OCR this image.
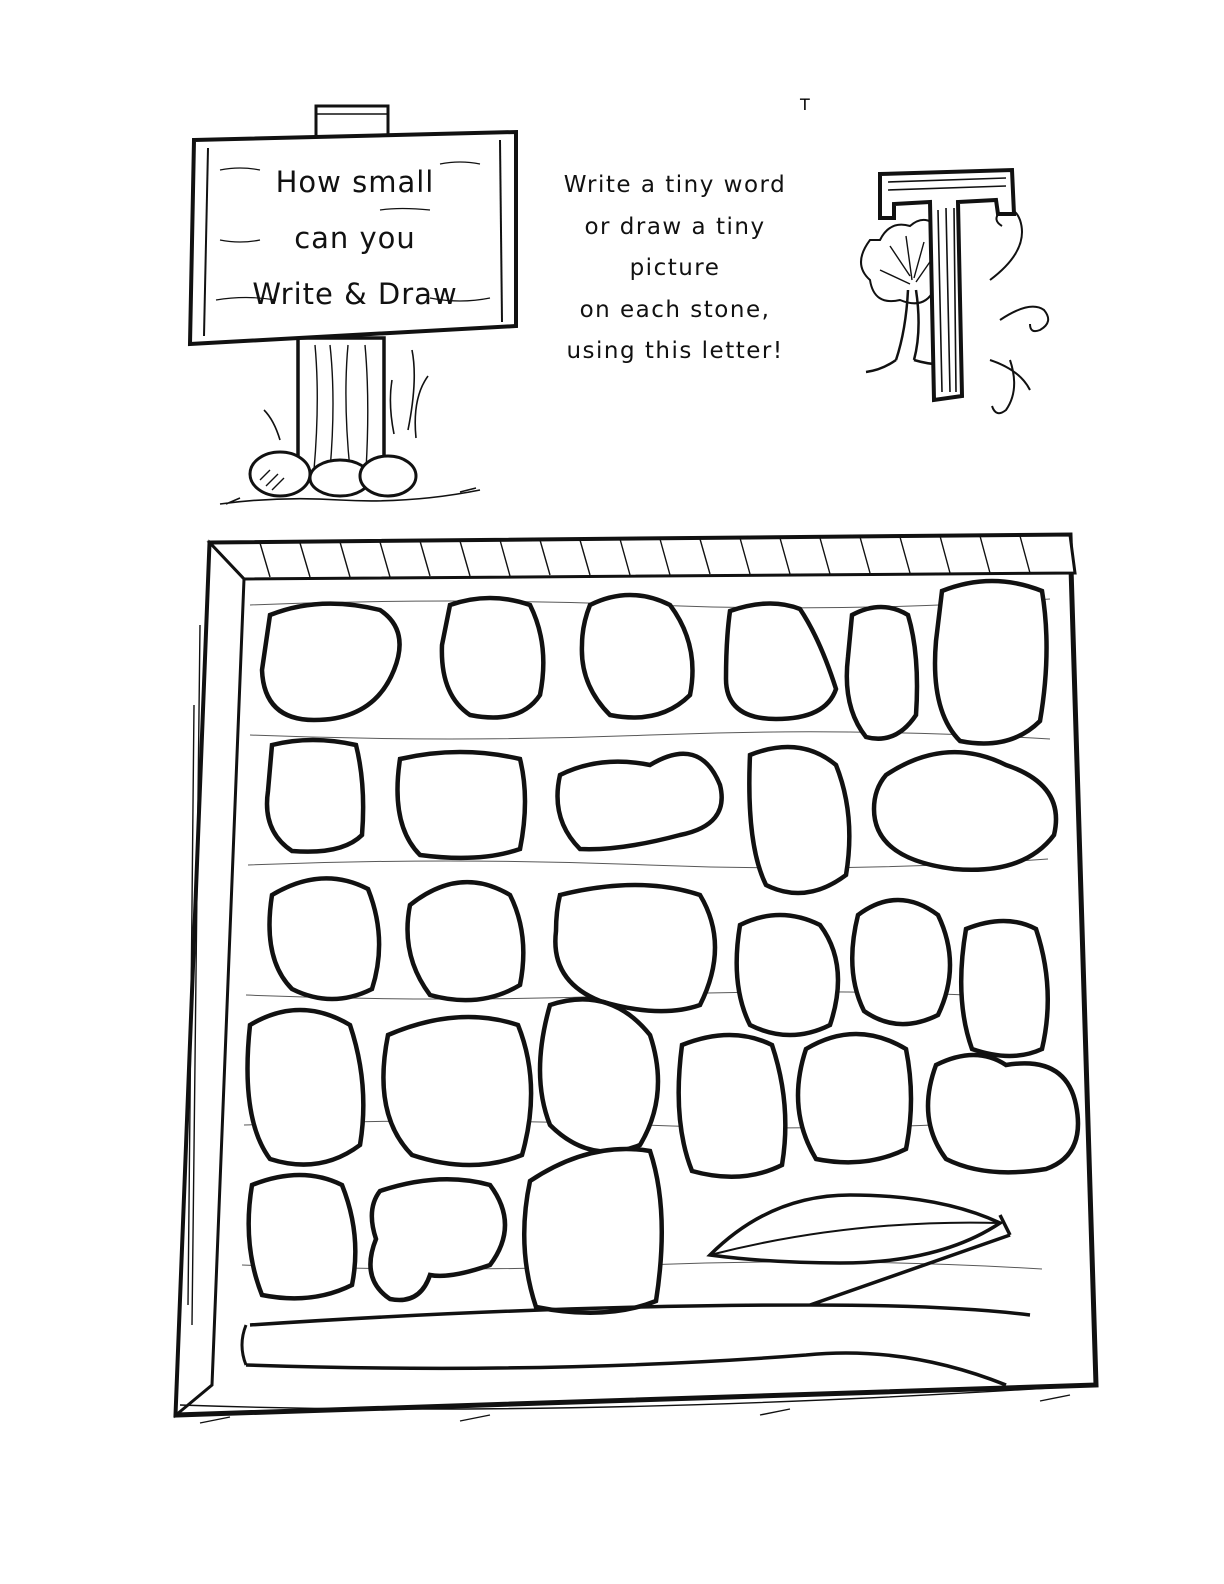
How small
can you
Write & Draw
Write a tiny word
or draw a tiny
picture
on each stone,
using this letter!
T
